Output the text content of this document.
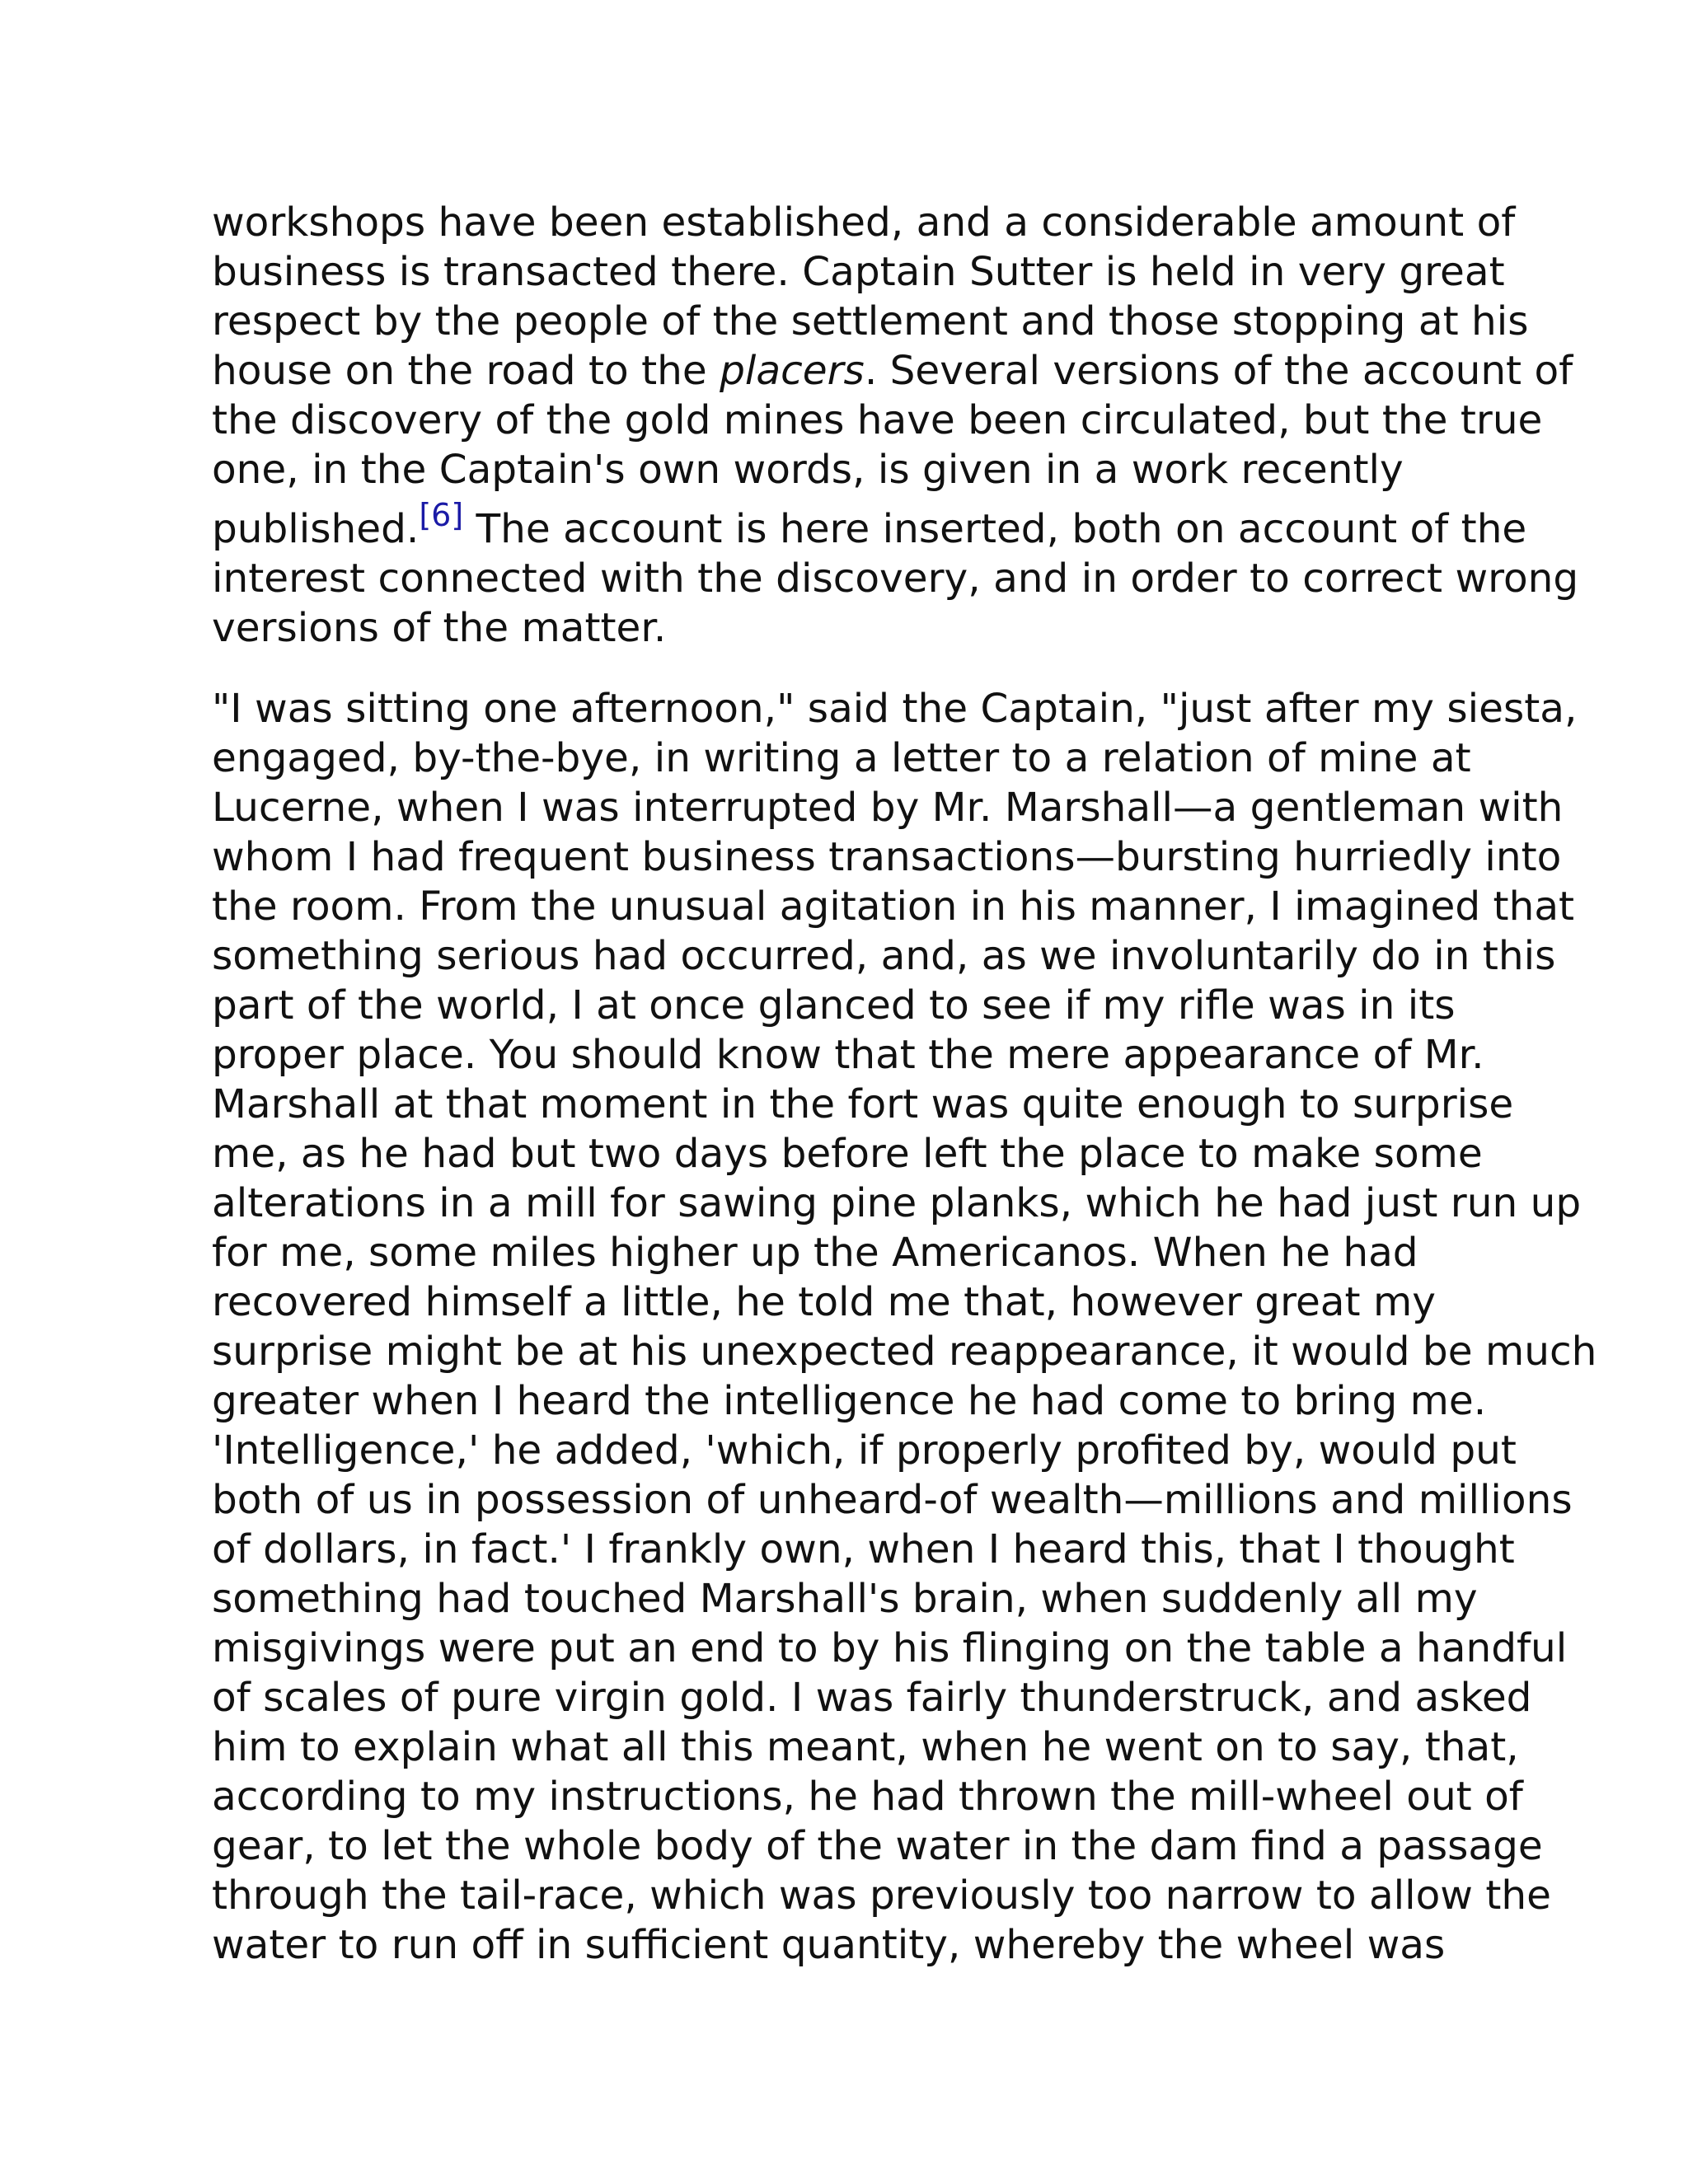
workshops have been established, and a considerable amount of
business is transacted there. Captain Sutter is held in very great
respect by the people of the settlement and those stopping at his
house on the road to the placers. Several versions of the account of
the discovery of the gold mines have been circulated, but the true
one, in the Captain's own words, is given in a work recently
published.[6] The account is here inserted, both on account of the
interest connected with the discovery, and in order to correct wrong
versions of the matter.
"I was sitting one afternoon," said the Captain, "just after my siesta,
engaged, by-the-bye, in writing a letter to a relation of mine at
Lucerne, when I was interrupted by Mr. Marshall—a gentleman with
whom I had frequent business transactions—bursting hurriedly into
the room. From the unusual agitation in his manner, I imagined that
something serious had occurred, and, as we involuntarily do in this
part of the world, I at once glanced to see if my rifle was in its
proper place. You should know that the mere appearance of Mr.
Marshall at that moment in the fort was quite enough to surprise
me, as he had but two days before left the place to make some
alterations in a mill for sawing pine planks, which he had just run up
for me, some miles higher up the Americanos. When he had
recovered himself a little, he told me that, however great my
surprise might be at his unexpected reappearance, it would be much
greater when I heard the intelligence he had come to bring me.
'Intelligence,' he added, 'which, if properly profited by, would put
both of us in possession of unheard-of wealth—millions and millions
of dollars, in fact.' I frankly own, when I heard this, that I thought
something had touched Marshall's brain, when suddenly all my
misgivings were put an end to by his flinging on the table a handful
of scales of pure virgin gold. I was fairly thunderstruck, and asked
him to explain what all this meant, when he went on to say, that,
according to my instructions, he had thrown the mill-wheel out of
gear, to let the whole body of the water in the dam find a passage
through the tail-race, which was previously too narrow to allow the
water to run off in sufficient quantity, whereby the wheel was
